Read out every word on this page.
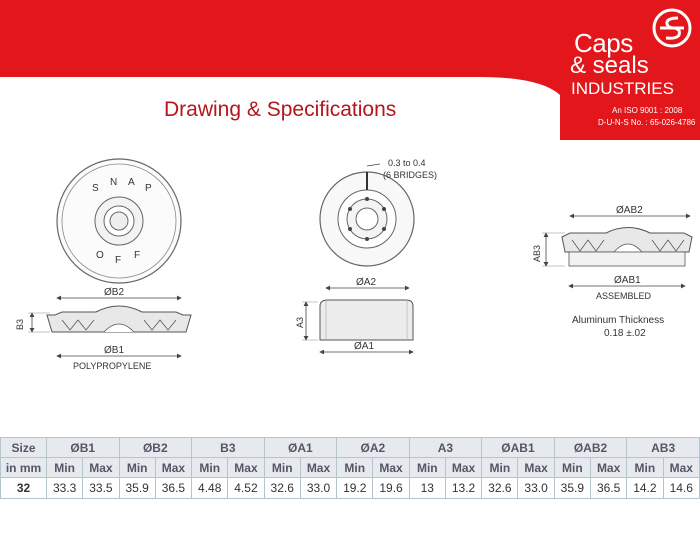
Caps
& seals
INDUSTRIES
An ISO 9001 : 2008
D-U-N-S No. : 65-026-4786
Drawing & Specifications
S
N A
P
O F F
ØB2
B3
ØB1
POLYPROPYLENE
0.3 to 0.4
(6 BRIDGES)
ØA2
A3
ØA1
ØAB2
AB3
ØAB1
ASSEMBLED
Aluminum Thickness
0.18 ±.02
Size	ØB1		ØB2		B3		ØA1		ØA2		A3		ØAB1		ØAB2		AB3	
in mm	Min	Max	Min	Max	Min	Max	Min	Max	Min	Max	Min	Max	Min	Max	Min	Max	Min	Max
32	33.3	33.5	35.9	36.5	4.48	4.52	32.6	33.0	19.2	19.6	13	13.2	32.6	33.0	35.9	36.5	14.2	14.6
